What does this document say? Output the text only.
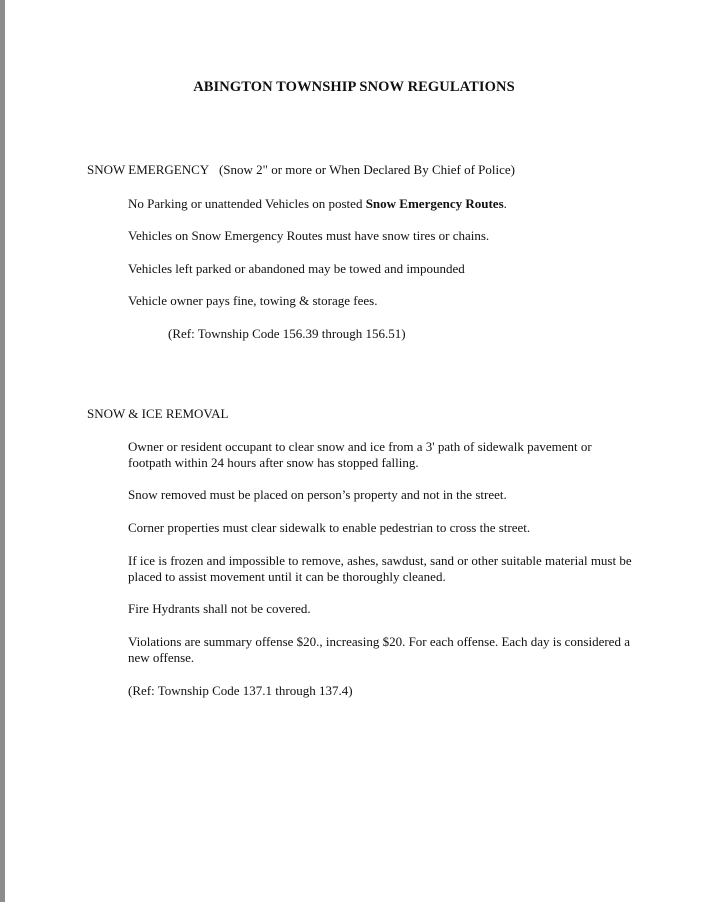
ABINGTON TOWNSHIP SNOW REGULATIONS
SNOW EMERGENCY (Snow 2" or more or When Declared By Chief of Police)
No Parking or unattended Vehicles on posted Snow Emergency Routes.
Vehicles on Snow Emergency Routes must have snow tires or chains.
Vehicles left parked or abandoned may be towed and impounded
Vehicle owner pays fine, towing & storage fees.
(Ref: Township Code 156.39 through 156.51)
SNOW & ICE REMOVAL
Owner or resident occupant to clear snow and ice from a 3' path of sidewalk pavement or footpath within 24 hours after snow has stopped falling.
Snow removed must be placed on person’s property and not in the street.
Corner properties must clear sidewalk to enable pedestrian to cross the street.
If ice is frozen and impossible to remove, ashes, sawdust, sand or other suitable material must be placed to assist movement until it can be thoroughly cleaned.
Fire Hydrants shall not be covered.
Violations are summary offense $20., increasing $20. For each offense. Each day is considered a new offense.
(Ref: Township Code 137.1 through 137.4)
